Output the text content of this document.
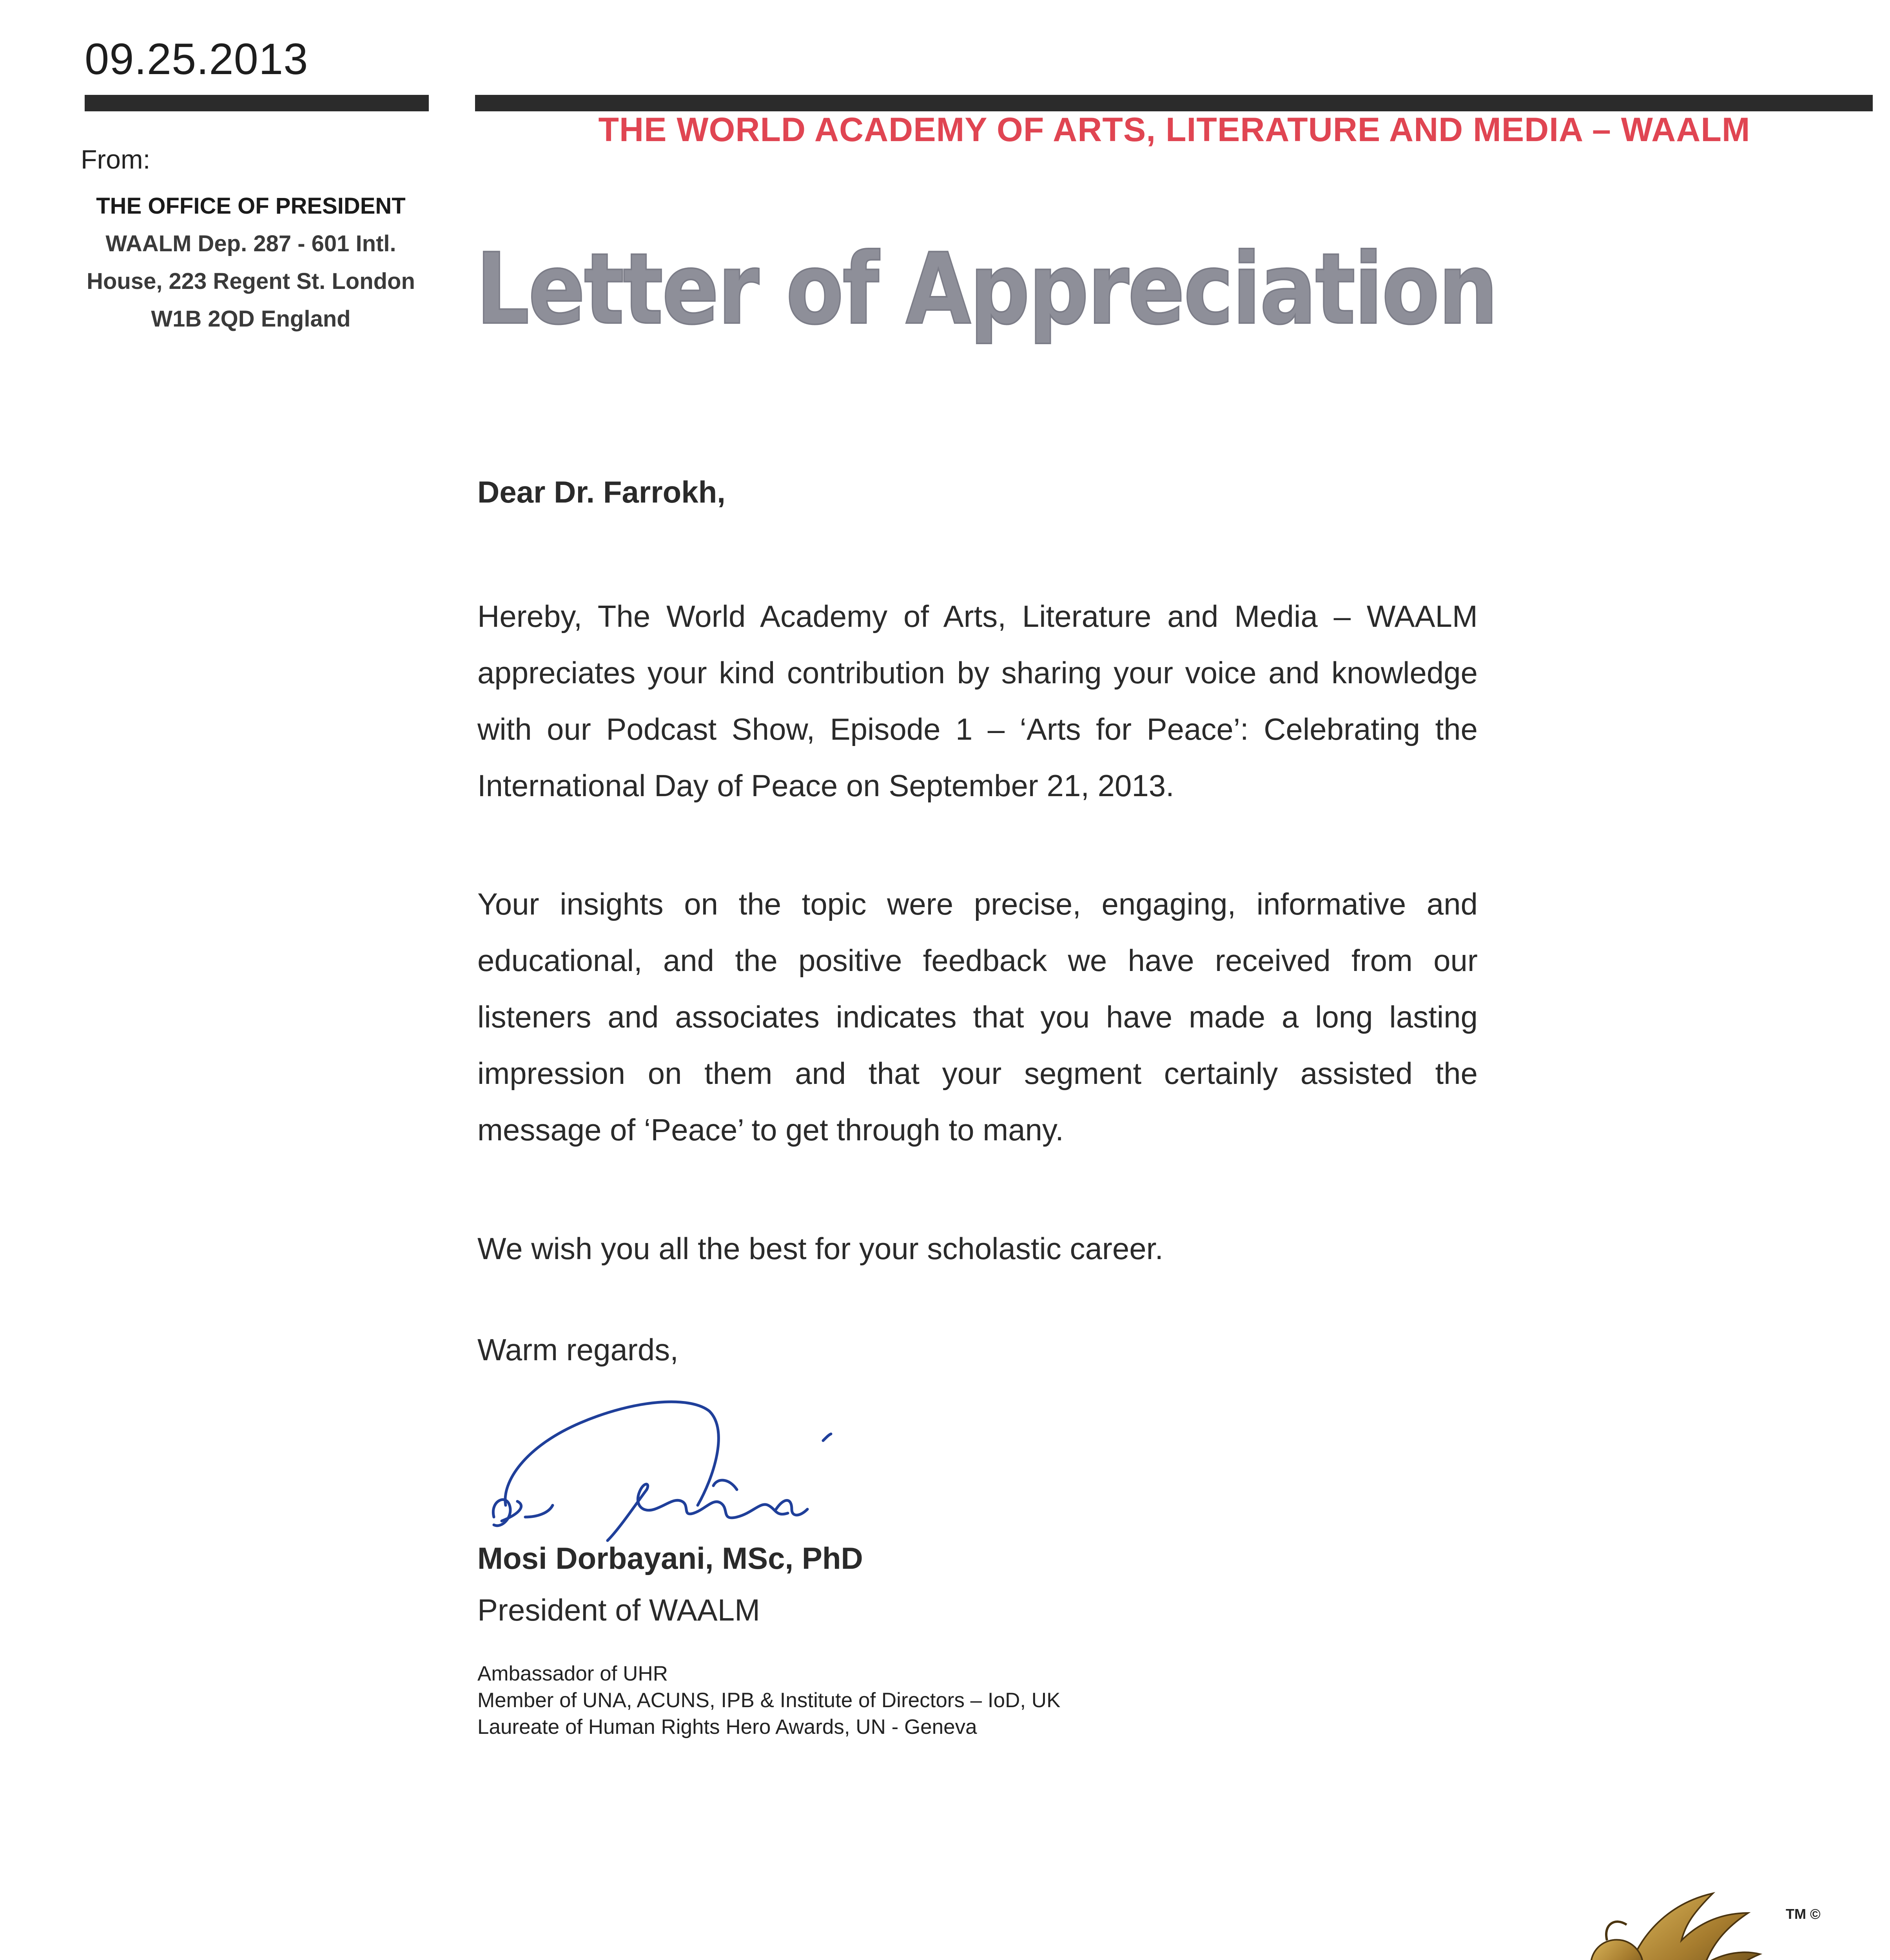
09.25.2013
From:
THE OFFICE OF PRESIDENT
WAALM Dep. 287 - 601 Intl.
House, 223 Regent St. London
W1B 2QD England
THE WORLD ACADEMY OF ARTS, LITERATURE AND MEDIA – WAALM
Letter of Appreciation
Dear Dr. Farrokh,
Hereby, The World Academy of Arts, Literature and Media – WAALM appreciates your kind contribution by sharing your voice and knowledge with our Podcast Show, Episode 1 – ‘Arts for Peace’: Celebrating the International Day of Peace on September 21, 2013.
Your insights on the topic were precise, engaging, informative and educational, and the positive feedback we have received from our listeners and associates indicates that you have made a long lasting impression on them and that your segment certainly assisted the message of ‘Peace’ to get through to many.
We wish you all the best for your scholastic career.
Warm regards,
Mosi Dorbayani, MSc, PhD
President of WAALM
Ambassador of UHR
Member of UNA, ACUNS, IPB & Institute of Directors – IoD, UK
Laureate of Human Rights Hero Awards, UN - Geneva
TM ©
